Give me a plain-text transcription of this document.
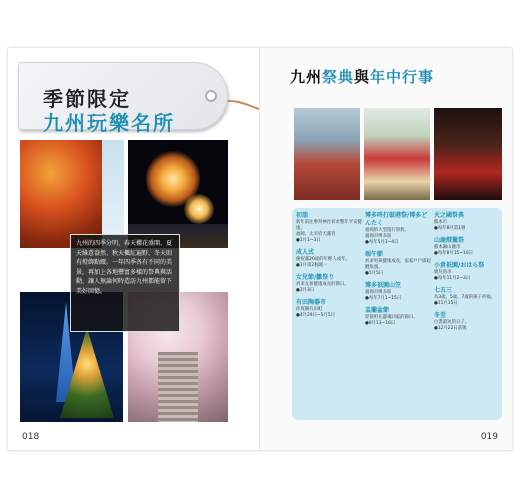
季節限定
九州玩樂名所
九州的四季分明，春天櫻花盛開、夏天綠意盎然、秋天楓紅遍野、冬天則有燈飾點綴。一年四季各有不同的美景，再加上各地豐富多樣的祭典與活動，讓人無論何時造訪九州都能留下美好回憶。
018
九州祭典與年中行事
初詣
新年前往參拜神社祈求整年平安健康。
福岡、太宰府天滿宮
●1月1~3日
成人式
慶祝滿20歲的年輕人成年。
●1月第2個週一
女兒節/雛祭り
祈求女孩健康成長的節日。
●3月3日
有田陶器市
佐賀縣有田町
●4月29日~5月5日
博多咚打鼓港祭/博多どんたく
福岡的大型遊行祭典。
福岡市博多區
●每年5月3~4日
端午節
祈求男孩健康成長，家家戶戶掛起鯉魚旗。
●5月5日
博多祇園山笠
福岡市博多區
●每年7月1~15日
盂蘭盆節
迎接祖先靈魂回家的節日。
●8月13~16日
火之國祭典
熊本市
●每年8月第1週
山鹿燈籠祭
熊本縣山鹿市
●每年8月15~16日
小倉祇園/おはら祭
鹿兒島市
●每年11月2~3日
七五三
為3歲、5歲、7歲的孩子祈福。
●11月15日
冬至
白晝最短的日子。
●12月22日前後
019
